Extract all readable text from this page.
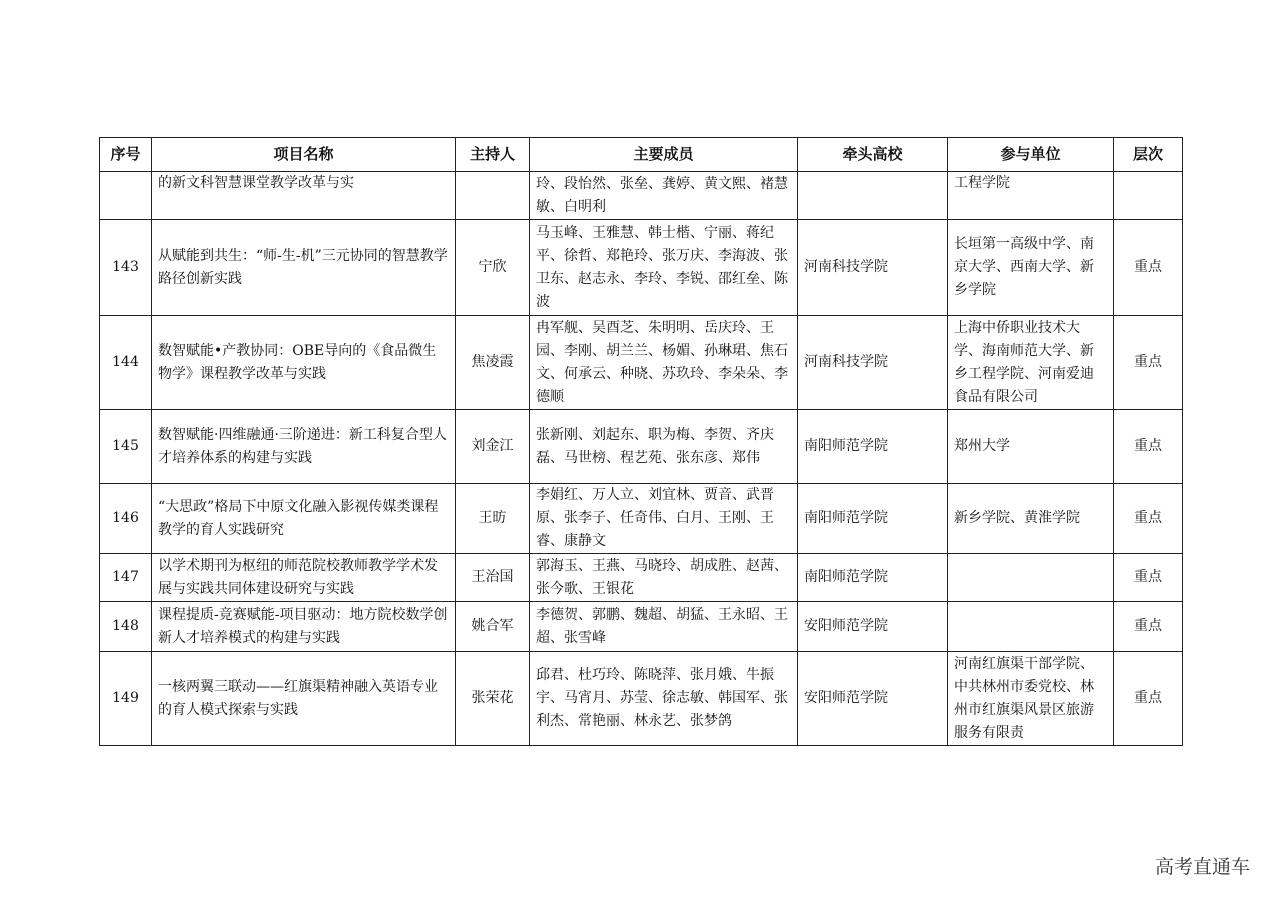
序号	项目名称	主持人	主要成员	牵头高校	参与单位	层次
	的新文科智慧课堂教学改革与实		玲、段怡然、张垒、龚婷、黄文熙、褚慧敏、白明利		工程学院	
143	从赋能到共生：“师-生-机”三元协同的智慧教学路径创新实践	宁欣	马玉峰、王雅慧、韩士楷、宁丽、蒋纪平、徐哲、郑艳玲、张万庆、李海波、张卫东、赵志永、李玲、李锐、邵红垒、陈波	河南科技学院	长垣第一高级中学、南京大学、西南大学、新乡学院	重点
144	数智赋能•产教协同：OBE导向的《食品微生物学》课程教学改革与实践	焦凌霞	冉军舰、吴酉芝、朱明明、岳庆玲、王园、李刚、胡兰兰、杨媚、孙琳珺、焦石文、何承云、种晓、苏玖玲、李朵朵、李德顺	河南科技学院	上海中侨职业技术大学、海南师范大学、新乡工程学院、河南爱迪食品有限公司	重点
145	数智赋能·四维融通·三阶递进：新工科复合型人才培养体系的构建与实践	刘金江	张新刚、刘起东、职为梅、李贺、齐庆磊、马世榜、程艺苑、张东彦、郑伟	南阳师范学院	郑州大学	重点
146	“大思政”格局下中原文化融入影视传媒类课程教学的育人实践研究	王昉	李娟红、万人立、刘宜林、贾音、武晋原、张李子、任奇伟、白月、王刚、王睿、康静文	南阳师范学院	新乡学院、黄淮学院	重点
147	以学术期刊为枢纽的师范院校教师教学学术发展与实践共同体建设研究与实践	王治国	郭海玉、王燕、马晓玲、胡成胜、赵茜、张今歌、王银花	南阳师范学院		重点
148	课程提质-竞赛赋能-项目驱动：地方院校数学创新人才培养模式的构建与实践	姚合军	李德贺、郭鹏、魏超、胡猛、王永昭、王超、张雪峰	安阳师范学院		重点
149	一核两翼三联动——红旗渠精神融入英语专业的育人模式探索与实践	张荣花	邱君、杜巧玲、陈晓萍、张月娥、牛振宇、马宵月、苏莹、徐志敏、韩国军、张利杰、常艳丽、林永艺、张梦鸽	安阳师范学院	河南红旗渠干部学院、中共林州市委党校、林州市红旗渠风景区旅游服务有限责	重点
高考直通车
